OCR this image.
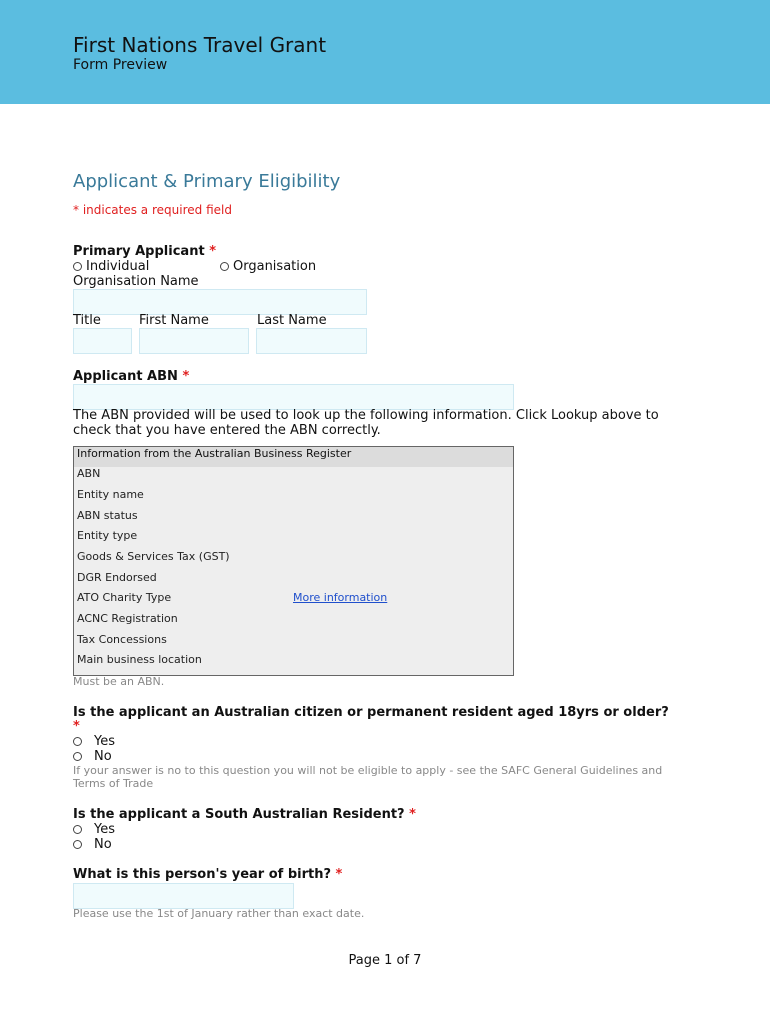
First Nations Travel Grant
Form Preview
Applicant & Primary Eligibility
* indicates a required field
Primary Applicant *
Individual	Organisation
Organisation Name
Title	First Name	Last Name
Applicant ABN *
The ABN provided will be used to look up the following information. Click Lookup above to check that you have entered the ABN correctly.
Information from the Australian Business Register
ABN
Entity name
ABN status
Entity type
Goods & Services Tax (GST)
DGR Endorsed
ATO Charity Type	More information
ACNC Registration
Tax Concessions
Main business location
Must be an ABN.
Is the applicant an Australian citizen or permanent resident aged 18yrs or older?
*
Yes
No
If your answer is no to this question you will not be eligible to apply - see the SAFC General Guidelines and Terms of Trade
Is the applicant a South Australian Resident? *
Yes
No
What is this person's year of birth? *
Please use the 1st of January rather than exact date.
Page 1 of 7
